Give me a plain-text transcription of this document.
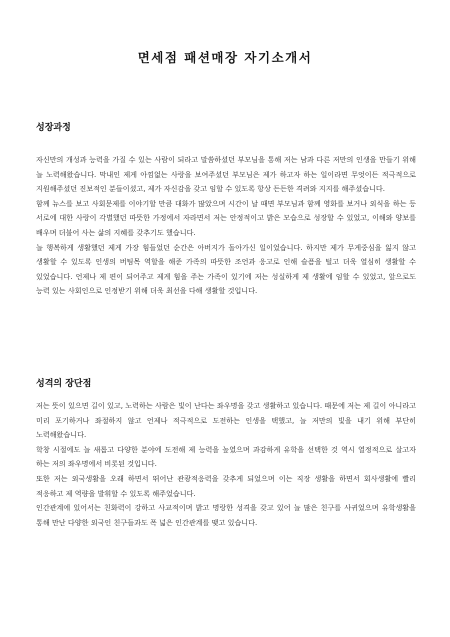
면세점 패션매장 자기소개서
성장과정

자신만의 개성과 능력을 가질 수 있는 사람이 되라고 말씀하셨던 부모님을 통해 저는 남과 다른 저만의 인생을 만들기 위해 늘 노력해왔습니다. 막내인 제게 아낌없는 사랑을 보여주셨던 부모님은 제가 하고자 하는 일이라면 무엇이든 적극적으로 지원해주셨던 진보적인 분들이셨고, 제가 자신감을 갖고 임할 수 있도록 항상 든든한 격려와 지지를 해주셨습니다.

함께 뉴스를 보고 사회문제를 이야기할 만큼 대화가 많았으며 시간이 날 때면 부모님과 함께 영화를 보거나 외식을 하는 등 서로에 대한 사랑이 각별했던 따뜻한 가정에서 자라면서 저는 안정적이고 밝은 모습으로 성장할 수 있었고, 이해와 양보를 배우며 더불어 사는 삶의 지혜를 갖추기도 했습니다.

늘 행복하게 생활했던 제게 가장 힘들었던 순간은 아버지가 돌아가신 일이었습니다. 하지만 제가 무게중심을 잃지 않고 생활할 수 있도록 인생의 버팀목 역할을 해준 가족의 따뜻한 조언과 응고로 인해 슬픔을 털고 더욱 열심히 생활할 수 있었습니다. 언제나 제 편이 되어주고 제게 힘을 주는 가족이 있기에 저는 성실하게 제 생활에 임할 수 있었고, 앞으로도 능력 있는 사회인으로 인정받기 위해 더욱 최선을 다해 생활할 것입니다.

성격의 장단점

저는 뜻이 있으면 길이 있고, 노력하는 사람은 빛이 난다는 좌우명을 갖고 생활하고 있습니다. 때문에 저는 제 길이 아니라고 미리 포기하거나 좌절하지 않고 언제나 적극적으로 도전하는 인생을 택했고, 늘 저만의 빛을 내기 위해 부단히 노력해왔습니다.

학창 시절에도 늘 새롭고 다양한 분야에 도전해 제 능력을 높였으며 과감하게 유학을 선택한 것 역시 열정적으로 살고자 하는 저의 좌우명에서 비롯된 것입니다.

또한 저는 외국생활을 오래 하면서 뛰어난 관광적응력을 갖추게 되었으며 이는 직장 생활을 하면서 회사생활에 빨리 적응하고 제 역량을 발휘할 수 있도록 해주었습니다.

인간관계에 있어서는 친화력이 강하고 사교적이며 밝고 명랑한 성격을 갖고 있어 늘 많은 친구를 사귀었으며 유학생활을 통해 만난 다양한 외국인 친구들과도 폭 넓은 인간관계를 맺고 있습니다.
